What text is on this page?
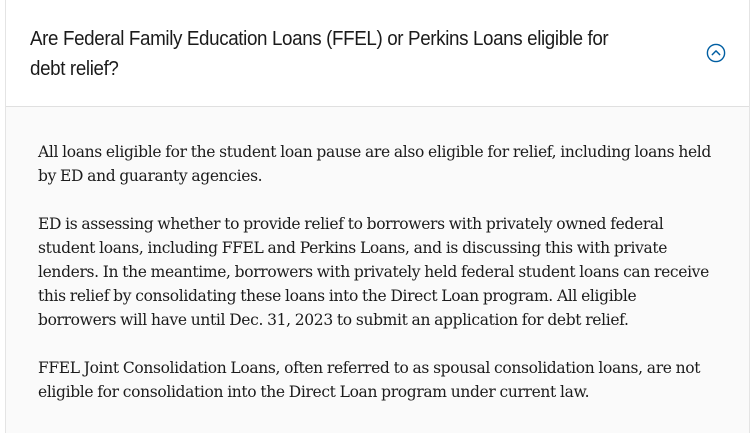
Are Federal Family Education Loans (FFEL) or Perkins Loans eligible for debt relief?

All loans eligible for the student loan pause are also eligible for relief, including loans held by ED and guaranty agencies.

ED is assessing whether to provide relief to borrowers with privately owned federal student loans, including FFEL and Perkins Loans, and is discussing this with private lenders. In the meantime, borrowers with privately held federal student loans can receive this relief by consolidating these loans into the Direct Loan program. All eligible borrowers will have until Dec. 31, 2023 to submit an application for debt relief.

FFEL Joint Consolidation Loans, often referred to as spousal consolidation loans, are not eligible for consolidation into the Direct Loan program under current law.
